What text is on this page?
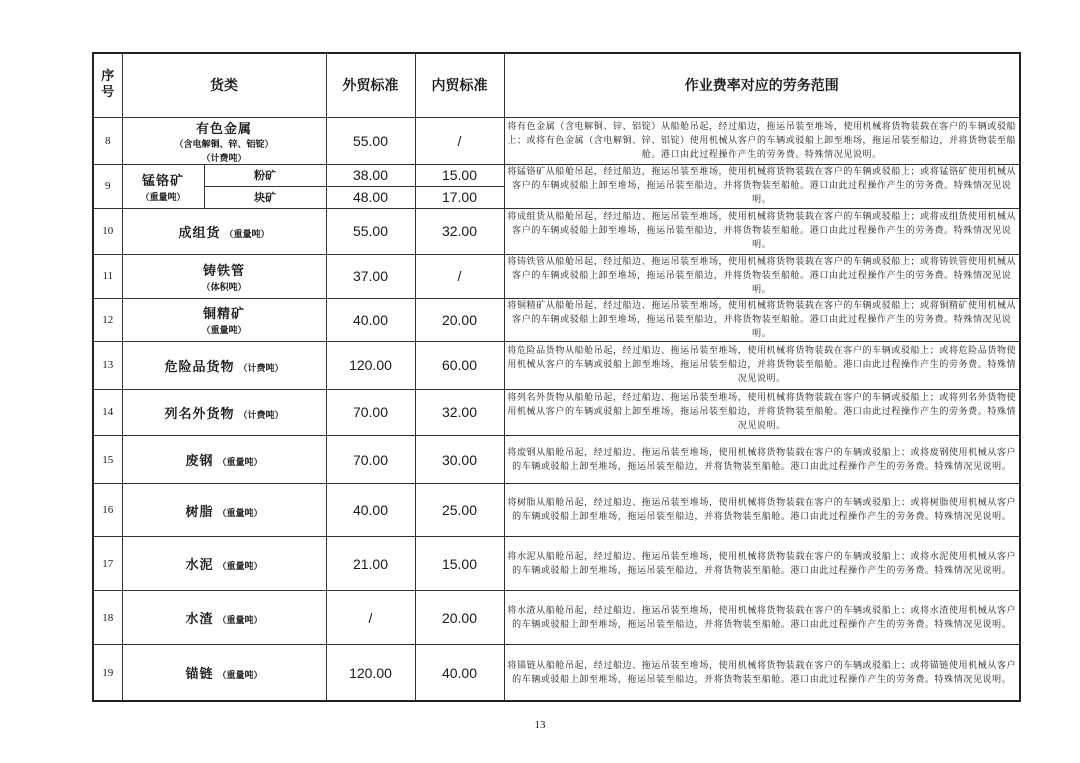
序号	货类		外贸标准	内贸标准	作业费率对应的劳务范围
8	有色金属
（含电解铜、锌、铝锭）
（计费吨）		55.00	/	将有色金属（含电解铜、锌、铝锭）从船舱吊起，经过船边，拖运吊装至堆场，使用机械将货物装载在客户的车辆或驳船上；或将有色金属（含电解铜、锌、铝锭）使用机械从客户的车辆或驳船上卸至堆场，拖运吊装至船边，并将货物装至船舱。港口由此过程操作产生的劳务费。特殊情况见说明。
9	锰铬矿
（重量吨）	粉矿	38.00	15.00	将锰铬矿从船舱吊起，经过船边，拖运吊装至堆场，使用机械将货物装载在客户的车辆或驳船上；或将锰铬矿使用机械从客户的车辆或驳船上卸至堆场，拖运吊装至船边，并将货物装至船舱。港口由此过程操作产生的劳务费。特殊情况见说明。
		块矿	48.00	17.00	
10	成组货 （重量吨）		55.00	32.00	将成组货从船舱吊起，经过船边、拖运吊装至堆场，使用机械将货物装载在客户的车辆或驳船上；或将成组货使用机械从客户的车辆或驳船上卸至堆场，拖运吊装至船边，并将货物装至船舱。港口由此过程操作产生的劳务费。特殊情况见说明。
11	铸铁管
（体积吨）		37.00	/	将铸铁管从船舱吊起，经过船边、拖运吊装至堆场，使用机械将货物装载在客户的车辆或驳船上；或将铸铁管使用机械从客户的车辆或驳船上卸至堆场，拖运吊装至船边，并将货物装至船舱。港口由此过程操作产生的劳务费。特殊情况见说明。
12	铜精矿
（重量吨）		40.00	20.00	将铜精矿从船舱吊起，经过船边、拖运吊装至堆场，使用机械将货物装载在客户的车辆或驳船上；或将铜精矿使用机械从客户的车辆或驳船上卸至堆场，拖运吊装至船边，并将货物装至船舱。港口由此过程操作产生的劳务费。特殊情况见说明。
13	危险品货物 （计费吨）		120.00	60.00	将危险品货物从船舱吊起，经过船边、拖运吊装至堆场，使用机械将货物装载在客户的车辆或驳船上；或将危险品货物使用机械从客户的车辆或驳船上卸至堆场，拖运吊装至船边，并将货物装至船舱。港口由此过程操作产生的劳务费。特殊情况见说明。
14	列名外货物 （计费吨）		70.00	32.00	将列名外货物从船舱吊起，经过船边、拖运吊装至堆场，使用机械将货物装载在客户的车辆或驳船上；或将列名外货物使用机械从客户的车辆或驳船上卸至堆场，拖运吊装至船边，并将货物装至船舱。港口由此过程操作产生的劳务费。特殊情况见说明。
15	废钢 （重量吨）		70.00	30.00	将废钢从船舱吊起，经过船边、拖运吊装至堆场，使用机械将货物装载在客户的车辆或驳船上；或将废钢使用机械从客户的车辆或驳船上卸至堆场，拖运吊装至船边，并将货物装至船舱。港口由此过程操作产生的劳务费。特殊情况见说明。
16	树脂 （重量吨）		40.00	25.00	将树脂从船舱吊起，经过船边、拖运吊装至堆场，使用机械将货物装载在客户的车辆或驳船上；或将树脂使用机械从客户的车辆或驳船上卸至堆场，拖运吊装至船边，并将货物装至船舱。港口由此过程操作产生的劳务费。特殊情况见说明。
17	水泥 （重量吨）		21.00	15.00	将水泥从船舱吊起，经过船边、拖运吊装至堆场，使用机械将货物装载在客户的车辆或驳船上；或将水泥使用机械从客户的车辆或驳船上卸至堆场，拖运吊装至船边，并将货物装至船舱。港口由此过程操作产生的劳务费。特殊情况见说明。
18	水渣 （重量吨）		/	20.00	将水渣从船舱吊起，经过船边、拖运吊装至堆场，使用机械将货物装载在客户的车辆或驳船上；或将水渣使用机械从客户的车辆或驳船上卸至堆场，拖运吊装至船边，并将货物装至船舱。港口由此过程操作产生的劳务费。特殊情况见说明。
19	锚链 （重量吨）		120.00	40.00	将锚链从船舱吊起，经过船边、拖运吊装至堆场，使用机械将货物装载在客户的车辆或驳船上；或将锚链使用机械从客户的车辆或驳船上卸至堆场，拖运吊装至船边，并将货物装至船舱。港口由此过程操作产生的劳务费。特殊情况见说明。
13
